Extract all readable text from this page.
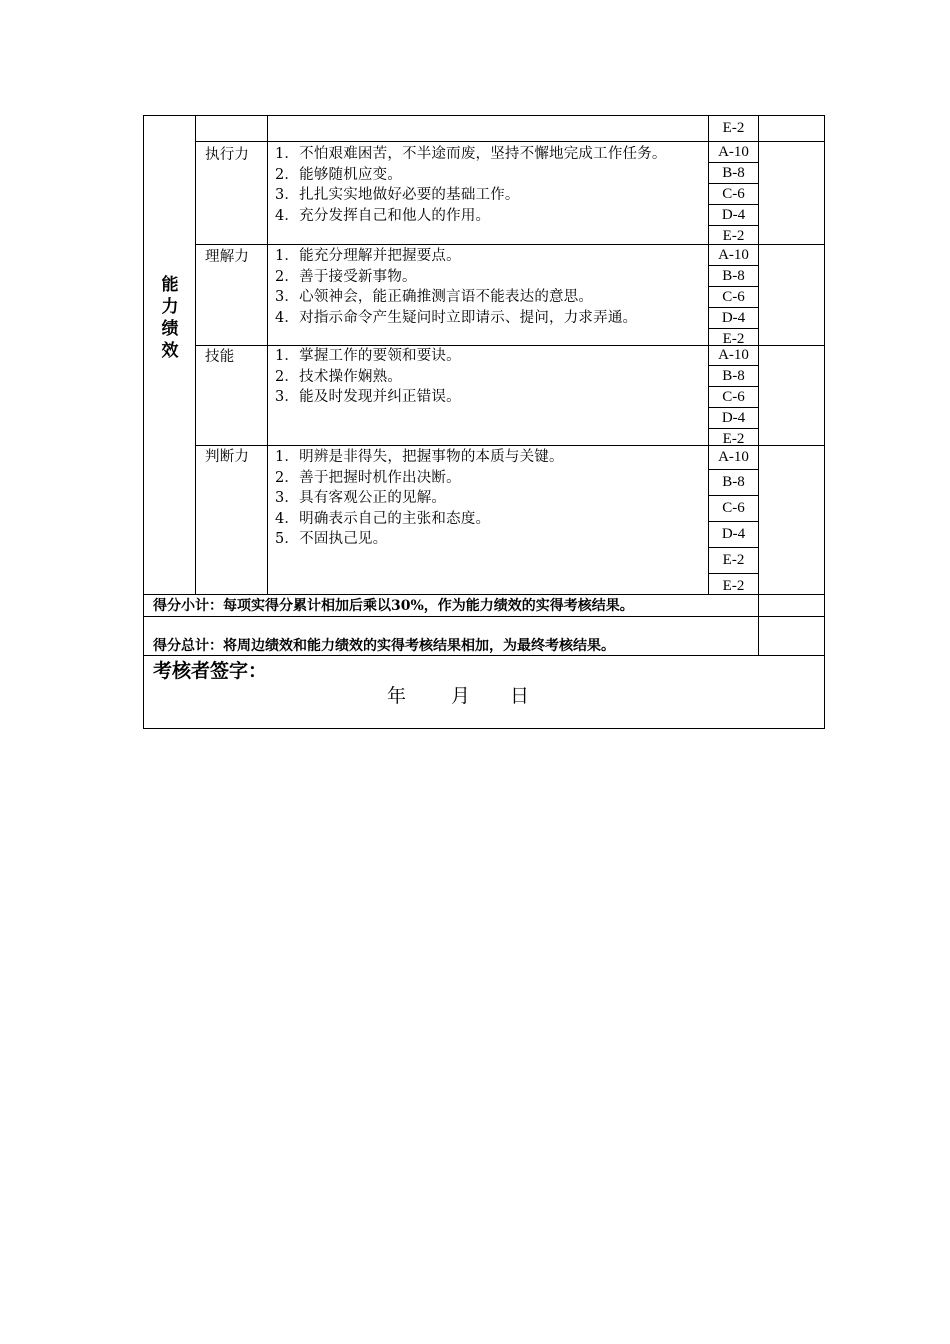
能力绩效
E-2
执行力 1．不怕艰难困苦，不半途而废，坚持不懈地完成工作任务。
2．能够随机应变。
3．扎扎实实地做好必要的基础工作。
4．充分发挥自己和他人的作用。
A-10
B-8
C-6
D-4
E-2
理解力 1．能充分理解并把握要点。
2．善于接受新事物。
3．心领神会，能正确推测言语不能表达的意思。
4．对指示命令产生疑问时立即请示、提问，力求弄通。
A-10
B-8
C-6
D-4
E-2
技能	1．掌握工作的要领和要诀。
2．技术操作娴熟。
3．能及时发现并纠正错误。
A-10
B-8
C-6
D-4
E-2
判断力 1．明辨是非得失，把握事物的本质与关键。
2．善于把握时机作出决断。
3．具有客观公正的见解。
4．明确表示自己的主张和态度。
5．不固执己见。
A-10
B-8
C-6
D-4
E-2
E-2
得分小计：每项实得分累计相加后乘以30%，作为能力绩效的实得考核结果。
得分总计：将周边绩效和能力绩效的实得考核结果相加，为最终考核结果。
考核者签字：
年 月 日
